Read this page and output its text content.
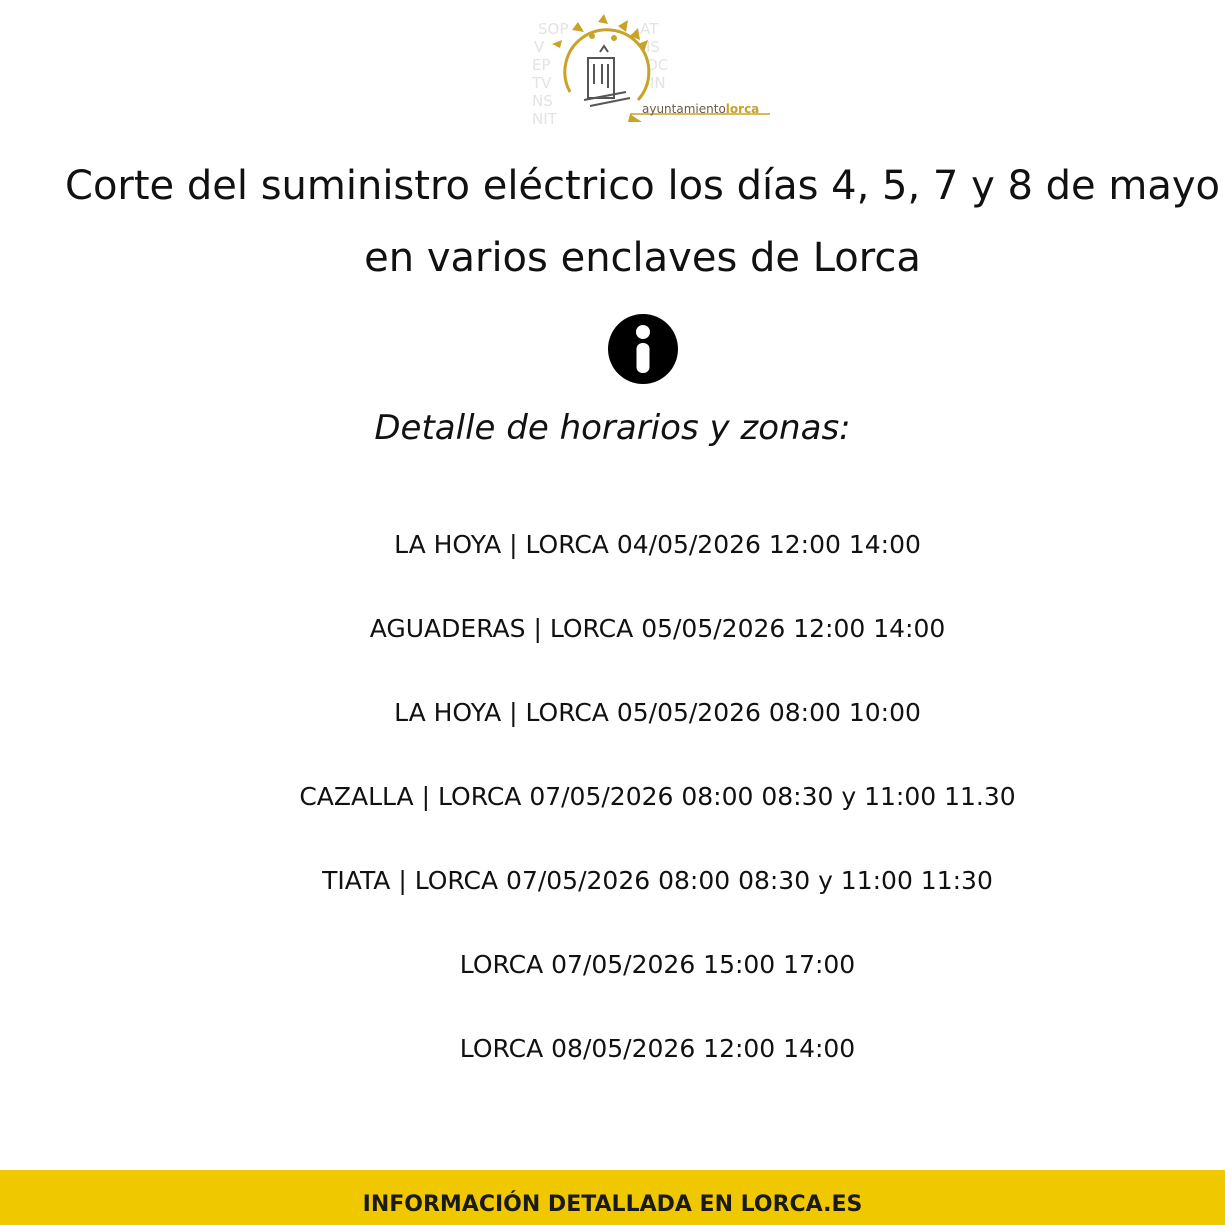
SOP	AT
V	IS
EP	OC
TV	IN
NS
NIT
ayuntamientolorca
Corte del suministro eléctrico los días 4, 5, 7 y 8 de mayo en varios enclaves de Lorca
Detalle de horarios y zonas:
LA HOYA | LORCA 04/05/2026 12:00 14:00
AGUADERAS | LORCA 05/05/2026 12:00 14:00
LA HOYA | LORCA 05/05/2026 08:00 10:00
CAZALLA | LORCA 07/05/2026 08:00 08:30 y 11:00 11.30
TIATA | LORCA 07/05/2026 08:00 08:30 y 11:00 11:30
LORCA 07/05/2026 15:00 17:00
LORCA 08/05/2026 12:00 14:00
INFORMACIÓN DETALLADA EN LORCA.ES
